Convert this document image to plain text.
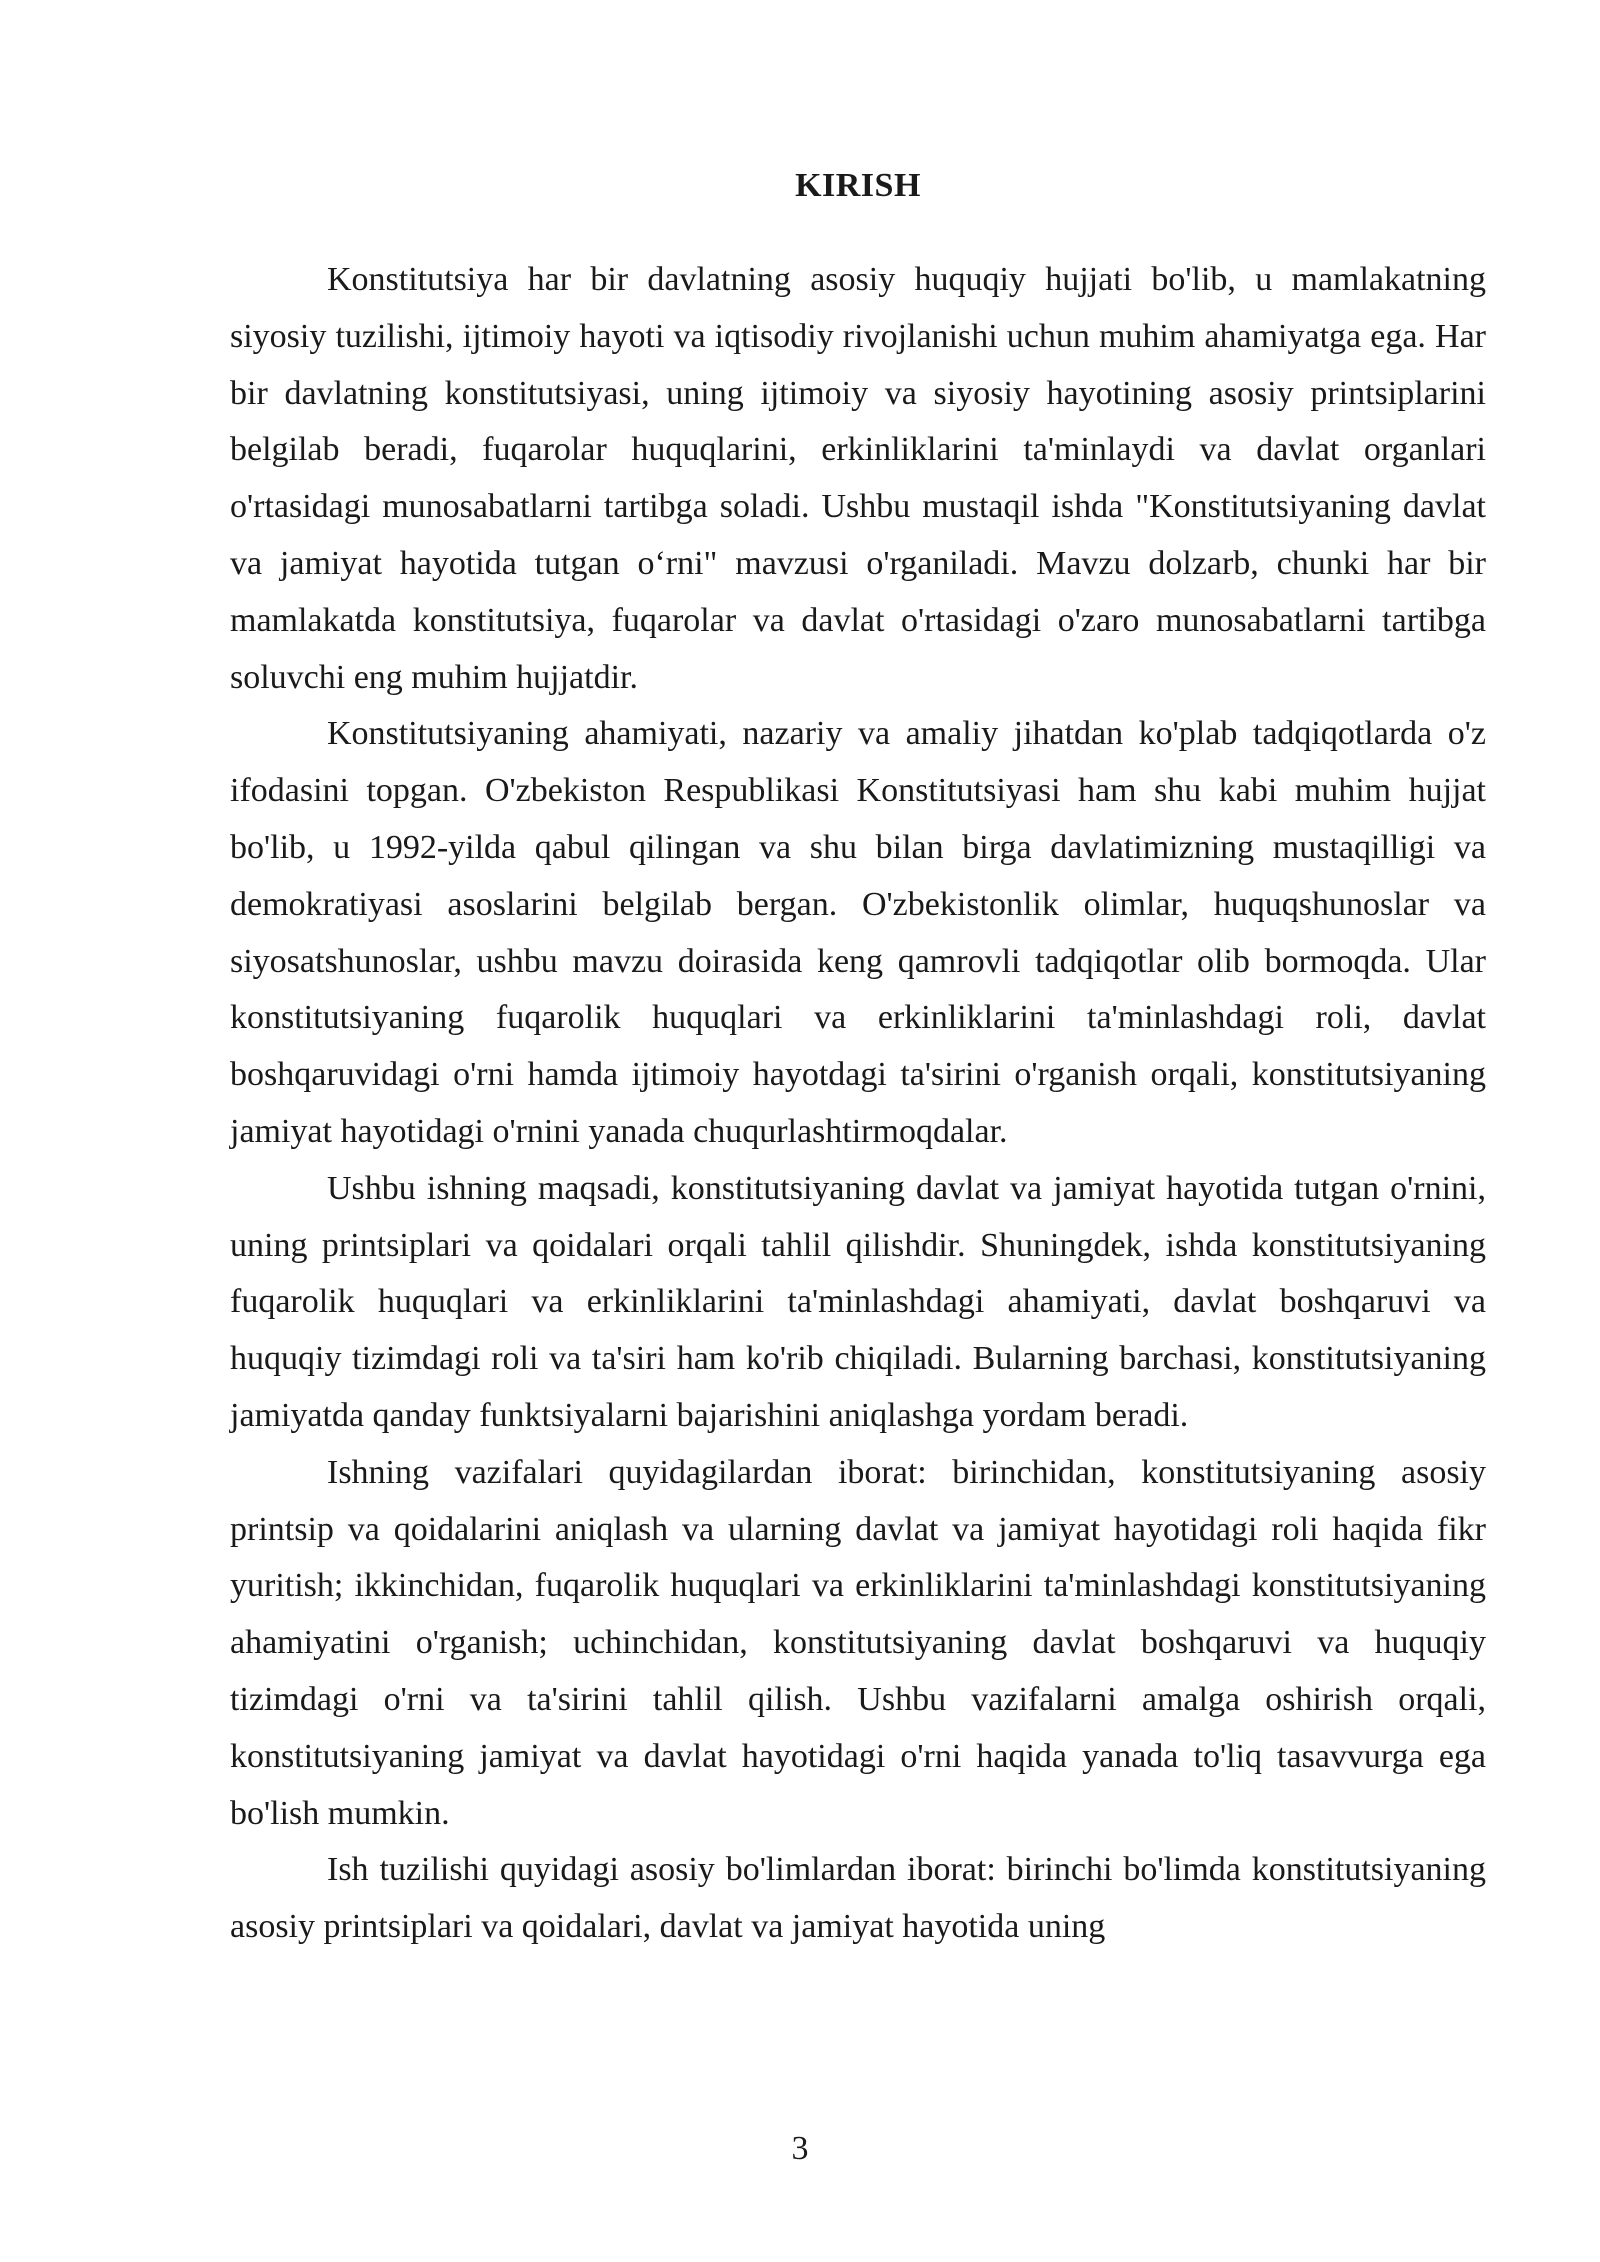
KIRISH

Konstitutsiya har bir davlatning asosiy huquqiy hujjati bo'lib, u mamlakatning siyosiy tuzilishi, ijtimoiy hayoti va iqtisodiy rivojlanishi uchun muhim ahamiyatga ega. Har bir davlatning konstitutsiyasi, uning ijtimoiy va siyosiy hayotining asosiy printsiplarini belgilab beradi, fuqarolar huquqlarini, erkinliklarini ta'minlaydi va davlat organlari o'rtasidagi munosabatlarni tartibga soladi. Ushbu mustaqil ishda "Konstitutsiyaning davlat va jamiyat hayotida tutgan o‘rni" mavzusi o'rganiladi. Mavzu dolzarb, chunki har bir mamlakatda konstitutsiya, fuqarolar va davlat o'rtasidagi o'zaro munosabatlarni tartibga soluvchi eng muhim hujjatdir.

Konstitutsiyaning ahamiyati, nazariy va amaliy jihatdan ko'plab tadqiqotlarda o'z ifodasini topgan. O'zbekiston Respublikasi Konstitutsiyasi ham shu kabi muhim hujjat bo'lib, u 1992-yilda qabul qilingan va shu bilan birga davlatimizning mustaqilligi va demokratiyasi asoslarini belgilab bergan. O'zbekistonlik olimlar, huquqshunoslar va siyosatshunoslar, ushbu mavzu doirasida keng qamrovli tadqiqotlar olib bormoqda. Ular konstitutsiyaning fuqarolik huquqlari va erkinliklarini ta'minlashdagi roli, davlat boshqaruvidagi o'rni hamda ijtimoiy hayotdagi ta'sirini o'rganish orqali, konstitutsiyaning jamiyat hayotidagi o'rnini yanada chuqurlashtirmoqdalar.

Ushbu ishning maqsadi, konstitutsiyaning davlat va jamiyat hayotida tutgan o'rnini, uning printsiplari va qoidalari orqali tahlil qilishdir. Shuningdek, ishda konstitutsiyaning fuqarolik huquqlari va erkinliklarini ta'minlashdagi ahamiyati, davlat boshqaruvi va huquqiy tizimdagi roli va ta'siri ham ko'rib chiqiladi. Bularning barchasi, konstitutsiyaning jamiyatda qanday funktsiyalarni bajarishini aniqlashga yordam beradi.

Ishning vazifalari quyidagilardan iborat: birinchidan, konstitutsiyaning asosiy printsip va qoidalarini aniqlash va ularning davlat va jamiyat hayotidagi roli haqida fikr yuritish; ikkinchidan, fuqarolik huquqlari va erkinliklarini ta'minlashdagi konstitutsiyaning ahamiyatini o'rganish; uchinchidan, konstitutsiyaning davlat boshqaruvi va huquqiy tizimdagi o'rni va ta'sirini tahlil qilish. Ushbu vazifalarni amalga oshirish orqali, konstitutsiyaning jamiyat va davlat hayotidagi o'rni haqida yanada to'liq tasavvurga ega bo'lish mumkin.

Ish tuzilishi quyidagi asosiy bo'limlardan iborat: birinchi bo'limda konstitutsiyaning asosiy printsiplari va qoidalari, davlat va jamiyat hayotida uning

3
